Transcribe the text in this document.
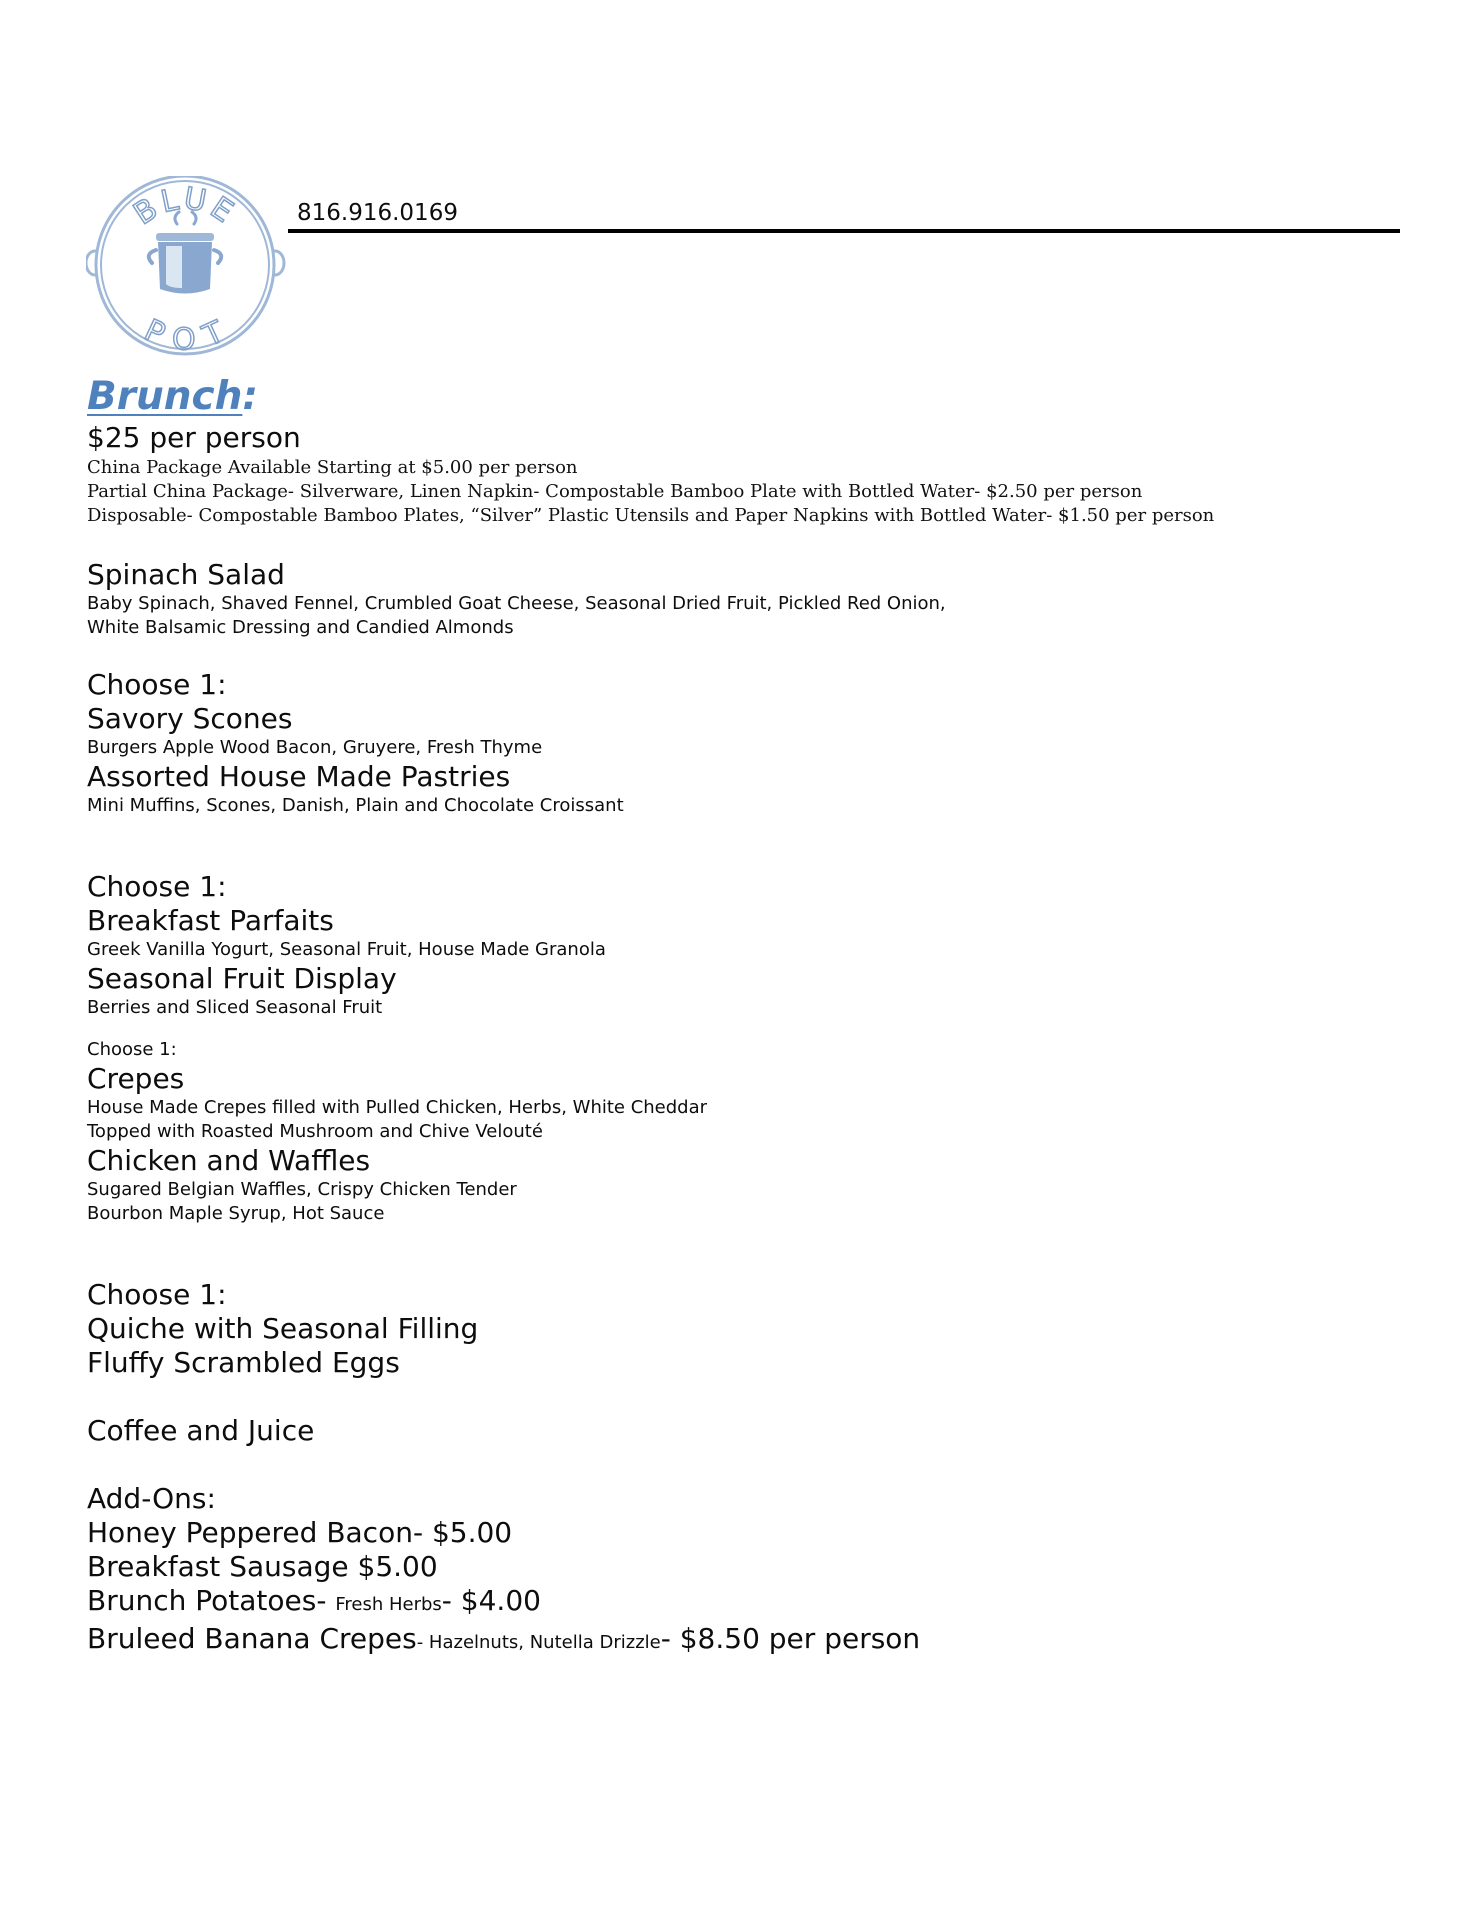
BLUE
POT
816.916.0169
Brunch:
$25 per person
China Package Available Starting at $5.00 per person
Partial China Package- Silverware, Linen Napkin- Compostable Bamboo Plate with Bottled Water- $2.50 per person
Disposable- Compostable Bamboo Plates, “Silver” Plastic Utensils and Paper Napkins with Bottled Water- $1.50 per person
Spinach Salad
Baby Spinach, Shaved Fennel, Crumbled Goat Cheese, Seasonal Dried Fruit, Pickled Red Onion,
White Balsamic Dressing and Candied Almonds
Choose 1:
Savory Scones
Burgers Apple Wood Bacon, Gruyere, Fresh Thyme
Assorted House Made Pastries
Mini Muffins, Scones, Danish, Plain and Chocolate Croissant
Choose 1:
Breakfast Parfaits
Greek Vanilla Yogurt, Seasonal Fruit, House Made Granola
Seasonal Fruit Display
Berries and Sliced Seasonal Fruit
Choose 1:
Crepes
House Made Crepes filled with Pulled Chicken, Herbs, White Cheddar
Topped with Roasted Mushroom and Chive Velouté
Chicken and Waffles
Sugared Belgian Waffles, Crispy Chicken Tender
Bourbon Maple Syrup, Hot Sauce
Choose 1:
Quiche with Seasonal Filling
Fluffy Scrambled Eggs
Coffee and Juice
Add-Ons:
Honey Peppered Bacon- $5.00
Breakfast Sausage $5.00
Brunch Potatoes- Fresh Herbs- $4.00
Bruleed Banana Crepes- Hazelnuts, Nutella Drizzle- $8.50 per person
